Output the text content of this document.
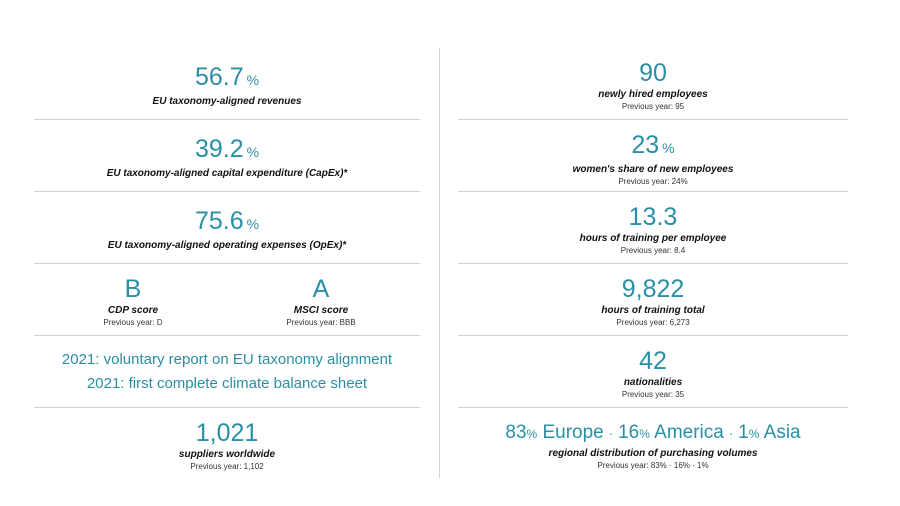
56.7 %
EU taxonomy-aligned revenues
39.2 %
EU taxonomy-aligned capital expenditure (CapEx)*
75.6 %
EU taxonomy-aligned operating expenses (OpEx)*
B
CDP score
Previous year: D
A
MSCI score
Previous year: BBB
2021: voluntary report on EU taxonomy alignment
2021: first complete climate balance sheet
1,021
suppliers worldwide
Previous year: 1,102
90
newly hired employees
Previous year: 95
23 %
women's share of new employees
Previous year: 24%
13.3
hours of training per employee
Previous year: 8.4
9,822
hours of training total
Previous year: 6,273
42
nationalities
Previous year: 35
83% Europe · 16% America · 1% Asia
regional distribution of purchasing volumes
Previous year: 83% · 16% · 1%
